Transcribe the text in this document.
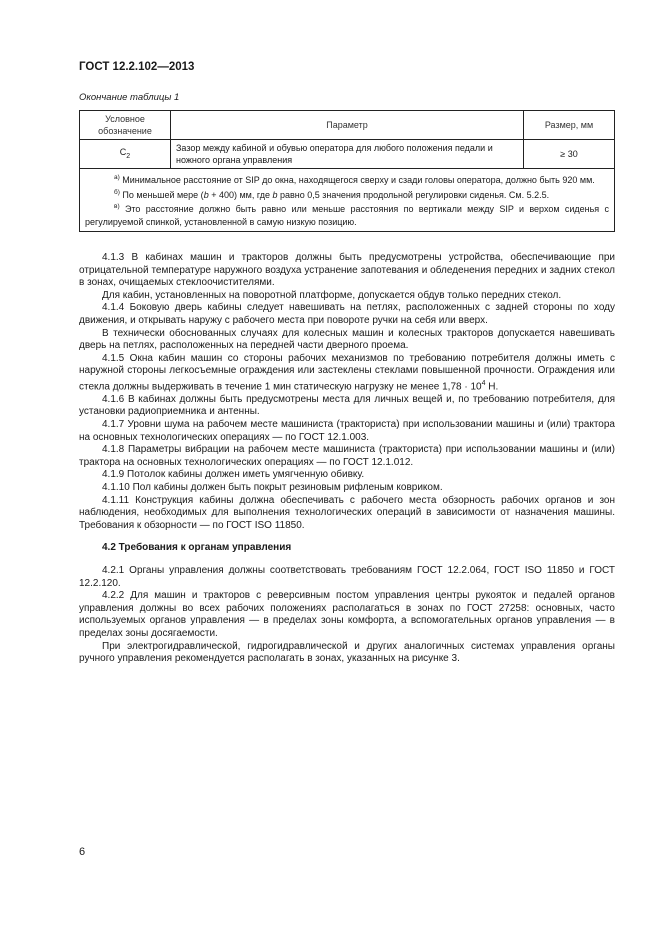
ГОСТ 12.2.102—2013
Окончание таблицы 1
Условное обозначение	Параметр	Размер, мм
$C_2$	Зазор между кабиной и обувью оператора для любого положения педали и ножного органа управления	≥ 30

$^{а)}$ Минимальное расстояние от SIP до окна, находящегося сверху и сзади головы оператора, должно быть 920 мм.

$^{б)}$ По меньшей мере (b + 400) мм, где b равно 0,5 значения продольной регулировки сиденья. См. 5.2.5.

$^{в)}$ Это расстояние должно быть равно или меньше расстояния по вертикали между SIP и верхом сиденья с регулируемой спинкой, установленной в самую низкую позицию.		

4.1.3 В кабинах машин и тракторов должны быть предусмотрены устройства, обеспечивающие при отрицательной температуре наружного воздуха устранение запотевания и обледенения передних и задних стекол в зонах, очищаемых стеклоочистителями.

Для кабин, установленных на поворотной платформе, допускается обдув только передних стекол.

4.1.4 Боковую дверь кабины следует навешивать на петлях, расположенных с задней стороны по ходу движения, и открывать наружу с рабочего места при повороте ручки на себя или вверх.

В технически обоснованных случаях для колесных машин и колесных тракторов допускается навешивать дверь на петлях, расположенных на передней части дверного проема.

4.1.5 Окна кабин машин со стороны рабочих механизмов по требованию потребителя должны иметь с наружной стороны легкосъемные ограждения или застеклены стеклами повышенной прочности. Ограждения или стекла должны выдерживать в течение 1 мин статическую нагрузку не менее $1,78 \cdot 10^4$ Н.

4.1.6 В кабинах должны быть предусмотрены места для личных вещей и, по требованию потребителя, для установки радиоприемника и антенны.

4.1.7 Уровни шума на рабочем месте машиниста (тракториста) при использовании машины и (или) трактора на основных технологических операциях — по ГОСТ 12.1.003.

4.1.8 Параметры вибрации на рабочем месте машиниста (тракториста) при использовании машины и (или) трактора на основных технологических операциях — по ГОСТ 12.1.012.

4.1.9 Потолок кабины должен иметь умягченную обивку.

4.1.10 Пол кабины должен быть покрыт резиновым рифленым ковриком.

4.1.11 Конструкция кабины должна обеспечивать с рабочего места обзорность рабочих органов и зон наблюдения, необходимых для выполнения технологических операций в зависимости от назначения машины. Требования к обзорности — по ГОСТ ISO 11850.

4.2 Требования к органам управления

4.2.1 Органы управления должны соответствовать требованиям ГОСТ 12.2.064, ГОСТ ISO 11850 и ГОСТ 12.2.120.

4.2.2 Для машин и тракторов с реверсивным постом управления центры рукояток и педалей органов управления должны во всех рабочих положениях располагаться в зонах по ГОСТ 27258: основных, часто используемых органов управления — в пределах зоны комфорта, а вспомогательных органов управления — в пределах зоны досягаемости.

При электрогидравлической, гидрогидравлической и других аналогичных системах управления органы ручного управления рекомендуется располагать в зонах, указанных на рисунке 3.

6
